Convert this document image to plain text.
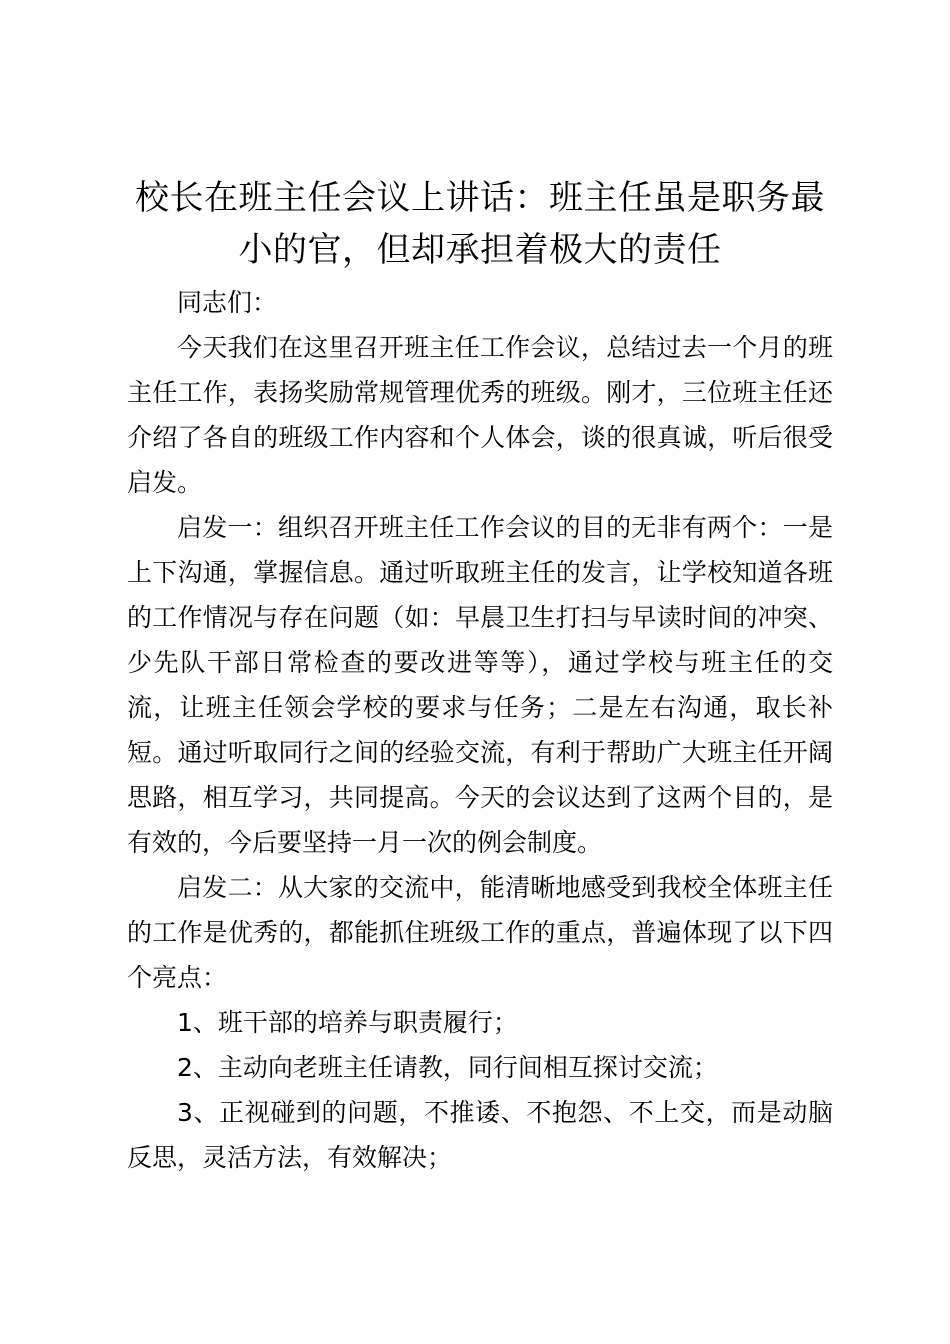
校长在班主任会议上讲话：班主任虽是职务最小的官，但却承担着极大的责任

同志们：

今天我们在这里召开班主任工作会议，总结过去一个月的班主任工作，表扬奖励常规管理优秀的班级。刚才，三位班主任还介绍了各自的班级工作内容和个人体会，谈的很真诚，听后很受启发。

启发一：组织召开班主任工作会议的目的无非有两个：一是上下沟通，掌握信息。通过听取班主任的发言，让学校知道各班的工作情况与存在问题（如：早晨卫生打扫与早读时间的冲突、少先队干部日常检查的要改进等等），通过学校与班主任的交流，让班主任领会学校的要求与任务；二是左右沟通，取长补短。通过听取同行之间的经验交流，有利于帮助广大班主任开阔思路，相互学习，共同提高。今天的会议达到了这两个目的，是有效的，今后要坚持一月一次的例会制度。

启发二：从大家的交流中，能清晰地感受到我校全体班主任的工作是优秀的，都能抓住班级工作的重点，普遍体现了以下四个亮点：

1、班干部的培养与职责履行；

2、主动向老班主任请教，同行间相互探讨交流；

3、正视碰到的问题，不推诿、不抱怨、不上交，而是动脑反思，灵活方法，有效解决；
